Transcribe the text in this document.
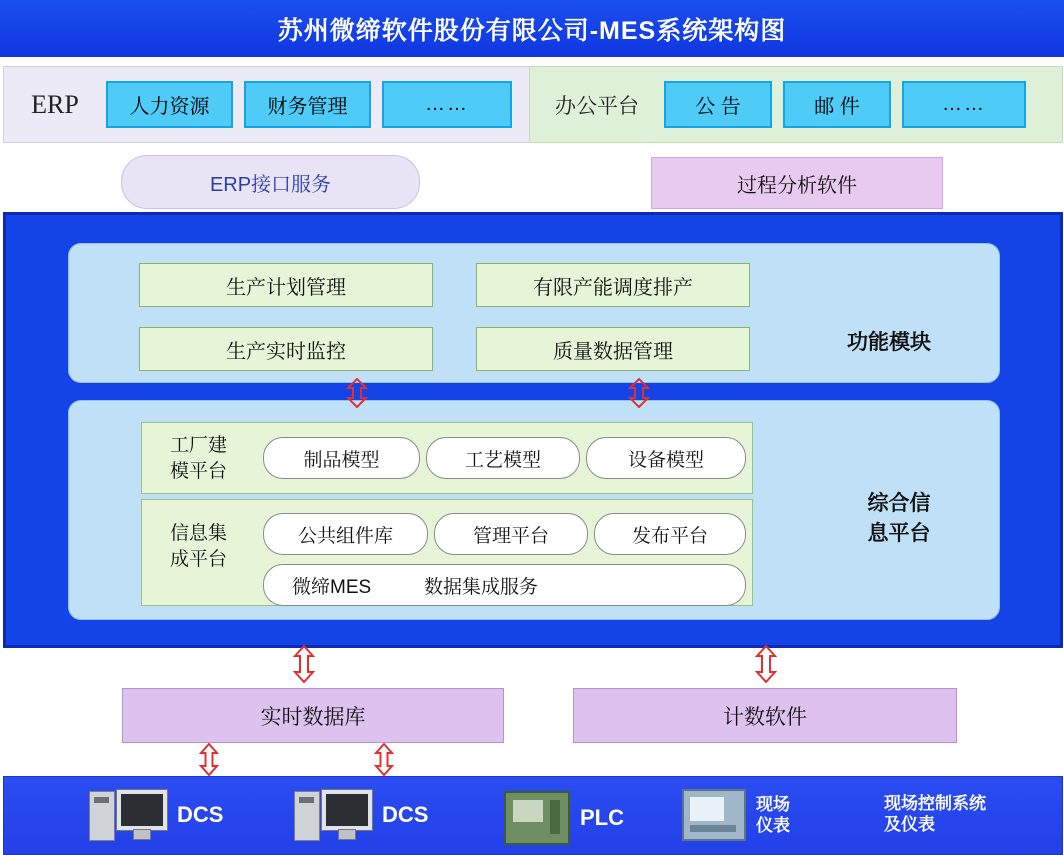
苏州微缔软件股份有限公司-MES系统架构图
ERP	人力资源	财务管理	……	办公平台	公 告	邮 件	……
ERP接口服务	过程分析软件
生产计划管理	有限产能调度排产
生产实时监控	质量数据管理	功能模块
工厂建
模平台
信息集
成平台
制品模型	工艺模型	设备模型
公共组件库	管理平台	发布平台
微缔MES	数据集成服务
综合信
息平台
实时数据库	计数软件
DCS	DCS	PLC
现场
仪表
现场控制系统
及仪表
